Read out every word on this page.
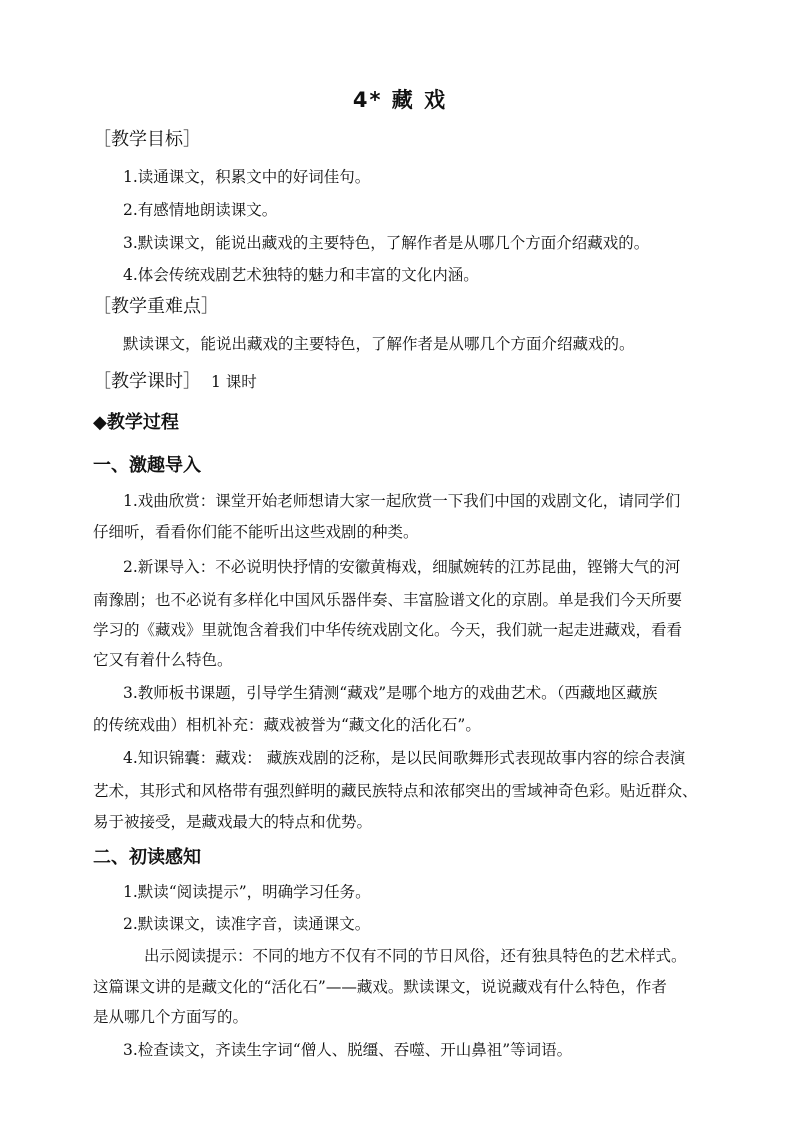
4* 藏 戏
［教学目标］
1.读通课文，积累文中的好词佳句。
2.有感情地朗读课文。
3.默读课文，能说出藏戏的主要特色，了解作者是从哪几个方面介绍藏戏的。
4.体会传统戏剧艺术独特的魅力和丰富的文化内涵。
［教学重难点］
默读课文，能说出藏戏的主要特色，了解作者是从哪几个方面介绍藏戏的。
［教学课时］ 1 课时
◆教学过程
一、激趣导入
1.戏曲欣赏：课堂开始老师想请大家一起欣赏一下我们中国的戏剧文化，请同学们
仔细听，看看你们能不能听出这些戏剧的种类。
2.新课导入：不必说明快抒情的安徽黄梅戏，细腻婉转的江苏昆曲，铿锵大气的河
南豫剧；也不必说有多样化中国风乐器伴奏、丰富脸谱文化的京剧。单是我们今天所要
学习的《藏戏》里就饱含着我们中华传统戏剧文化。今天，我们就一起走进藏戏，看看
它又有着什么特色。
3.教师板书课题，引导学生猜测“藏戏”是哪个地方的戏曲艺术。（西藏地区藏族
的传统戏曲）相机补充：藏戏被誉为“藏文化的活化石”。
4.知识锦囊：藏戏： 藏族戏剧的泛称，是以民间歌舞形式表现故事内容的综合表演
艺术，其形式和风格带有强烈鲜明的藏民族特点和浓郁突出的雪域神奇色彩。贴近群众、
易于被接受，是藏戏最大的特点和优势。
二、初读感知
1.默读“阅读提示”，明确学习任务。
2.默读课文，读准字音，读通课文。
出示阅读提示：不同的地方不仅有不同的节日风俗，还有独具特色的艺术样式。
这篇课文讲的是藏文化的“活化石”——藏戏。默读课文，说说藏戏有什么特色，作者
是从哪几个方面写的。
3.检查读文，齐读生字词“僧人、脱缰、吞噬、开山鼻祖”等词语。
